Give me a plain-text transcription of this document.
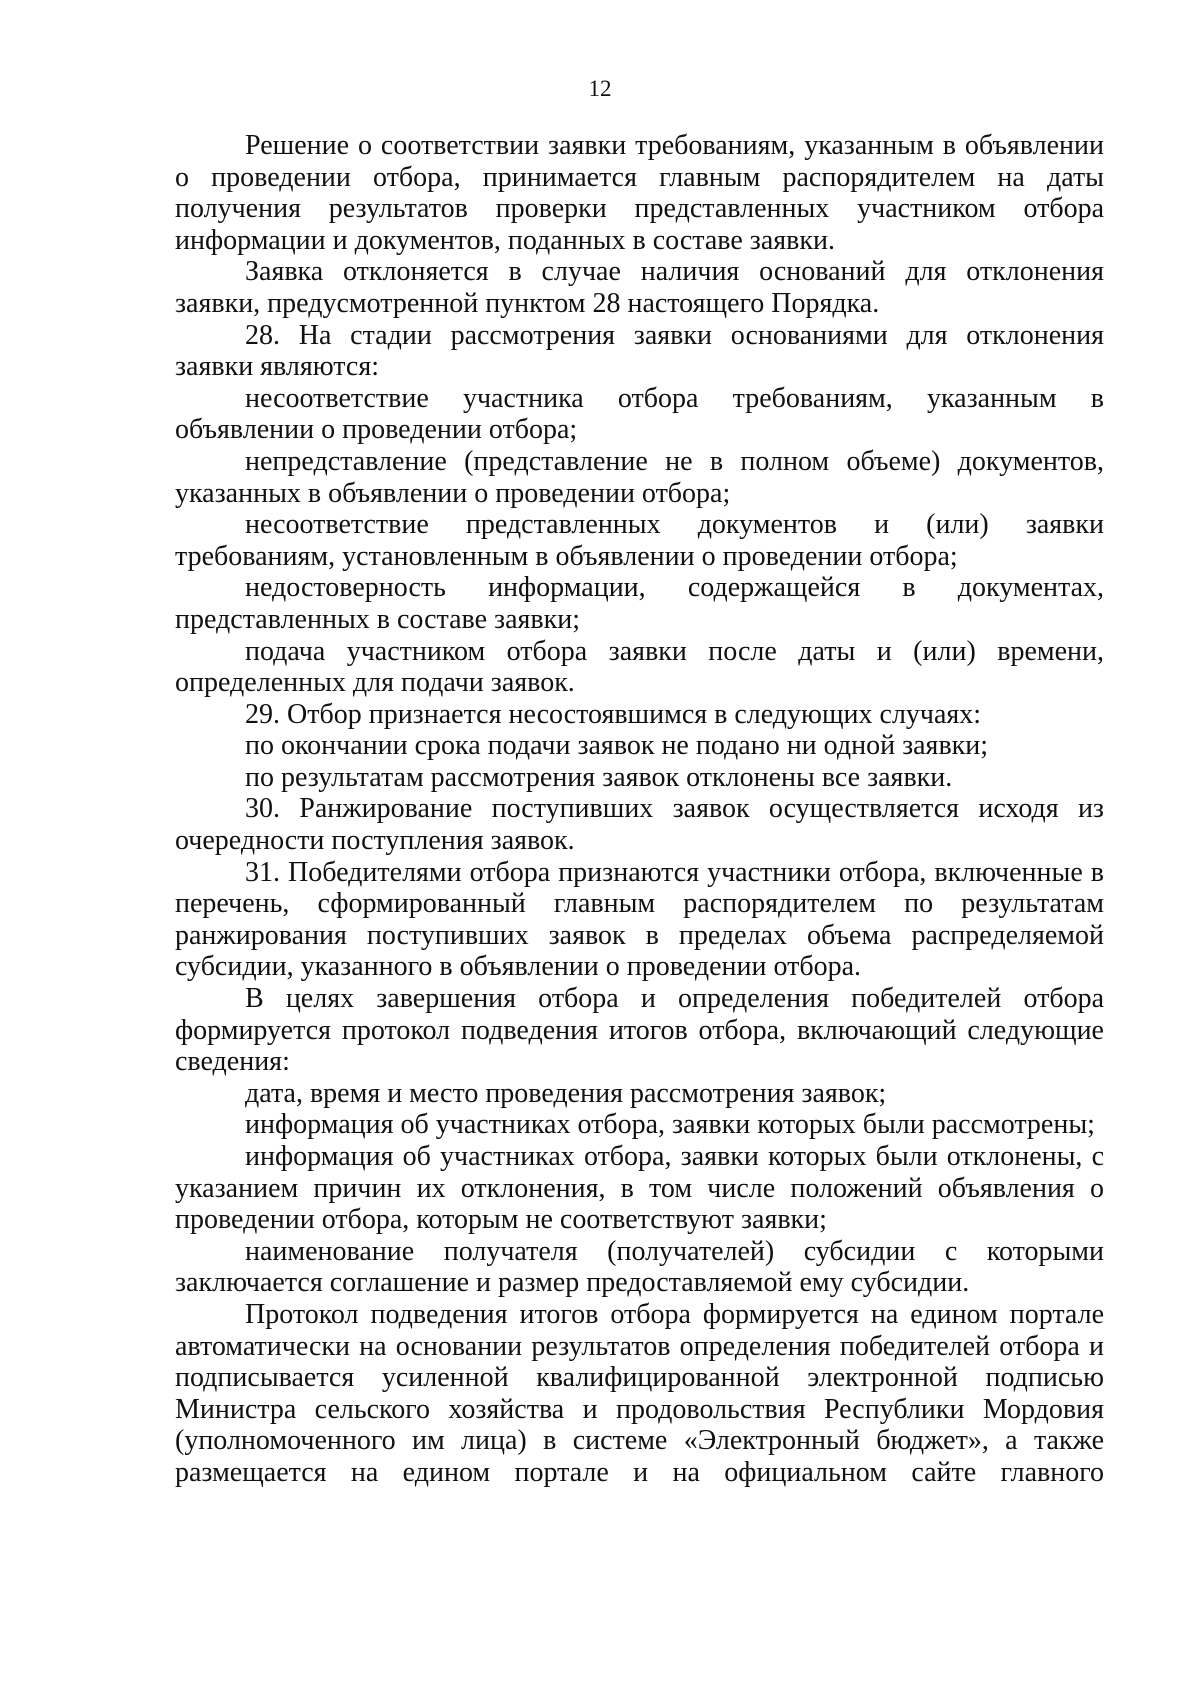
12

Решение о соответствии заявки требованиям, указанным в объявлении о проведении отбора, принимается главным распорядителем на даты получения результатов проверки представленных участником отбора информации и документов, поданных в составе заявки.

Заявка отклоняется в случае наличия оснований для отклонения заявки, предусмотренной пунктом 28 настоящего Порядка.

28. На стадии рассмотрения заявки основаниями для отклонения заявки являются:

несоответствие участника отбора требованиям, указанным в объявлении о проведении отбора;

непредставление (представление не в полном объеме) документов, указанных в объявлении о проведении отбора;

несоответствие представленных документов и (или) заявки требованиям, установленным в объявлении о проведении отбора;

недостоверность информации, содержащейся в документах, представленных в составе заявки;

подача участником отбора заявки после даты и (или) времени, определенных для подачи заявок.

29. Отбор признается несостоявшимся в следующих случаях:

по окончании срока подачи заявок не подано ни одной заявки;

по результатам рассмотрения заявок отклонены все заявки.

30. Ранжирование поступивших заявок осуществляется исходя из очередности поступления заявок.

31. Победителями отбора признаются участники отбора, включенные в перечень, сформированный главным распорядителем по результатам ранжирования поступивших заявок в пределах объема распределяемой субсидии, указанного в объявлении о проведении отбора.

В целях завершения отбора и определения победителей отбора формируется протокол подведения итогов отбора, включающий следующие сведения:

дата, время и место проведения рассмотрения заявок;

информация об участниках отбора, заявки которых были рассмотрены;

информация об участниках отбора, заявки которых были отклонены, с указанием причин их отклонения, в том числе положений объявления о проведении отбора, которым не соответствуют заявки;

наименование получателя (получателей) субсидии с которыми заключается соглашение и размер предоставляемой ему субсидии.

Протокол подведения итогов отбора формируется на едином портале автоматически на основании результатов определения победителей отбора и подписывается усиленной квалифицированной электронной подписью Министра сельского хозяйства и продовольствия Республики Мордовия (уполномоченного им лица) в системе «Электронный бюджет», а также размещается на едином портале и на официальном сайте главного
